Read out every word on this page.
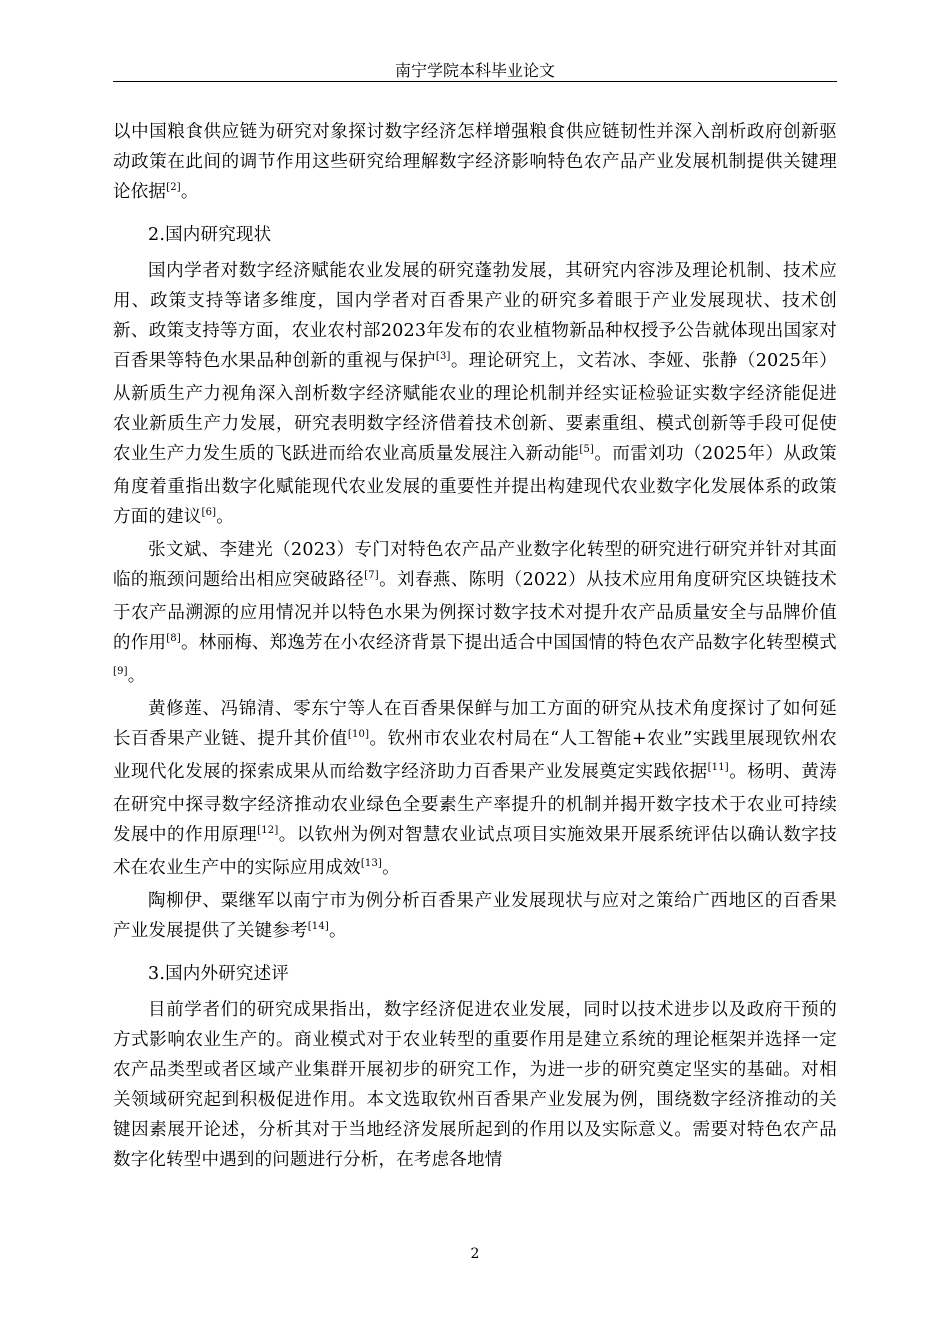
南宁学院本科毕业论文

以中国粮食供应链为研究对象探讨数字经济怎样增强粮食供应链韧性并深入剖析政府创新驱动政策在此间的调节作用这些研究给理解数字经济影响特色农产品产业发展机制提供关键理论依据[2]。

2.国内研究现状

国内学者对数字经济赋能农业发展的研究蓬勃发展，其研究内容涉及理论机制、技术应用、政策支持等诸多维度，国内学者对百香果产业的研究多着眼于产业发展现状、技术创新、政策支持等方面，农业农村部2023年发布的农业植物新品种权授予公告就体现出国家对百香果等特色水果品种创新的重视与保护[3]。理论研究上，文若冰、李娅、张静（2025年）从新质生产力视角深入剖析数字经济赋能农业的理论机制并经实证检验证实数字经济能促进农业新质生产力发展，研究表明数字经济借着技术创新、要素重组、模式创新等手段可促使农业生产力发生质的飞跃进而给农业高质量发展注入新动能[5]。而雷刘功（2025年）从政策角度着重指出数字化赋能现代农业发展的重要性并提出构建现代农业数字化发展体系的政策方面的建议[6]。

张文斌、李建光（2023）专门对特色农产品产业数字化转型的研究进行研究并针对其面临的瓶颈问题给出相应突破路径[7]。刘春燕、陈明（2022）从技术应用角度研究区块链技术于农产品溯源的应用情况并以特色水果为例探讨数字技术对提升农产品质量安全与品牌价值的作用[8]。林丽梅、郑逸芳在小农经济背景下提出适合中国国情的特色农产品数字化转型模式[9]。

黄修莲、冯锦清、零东宁等人在百香果保鲜与加工方面的研究从技术角度探讨了如何延长百香果产业链、提升其价值[10]。钦州市农业农村局在“人工智能+农业”实践里展现钦州农业现代化发展的探索成果从而给数字经济助力百香果产业发展奠定实践依据[11]。杨明、黄涛在研究中探寻数字经济推动农业绿色全要素生产率提升的机制并揭开数字技术于农业可持续发展中的作用原理[12]。以钦州为例对智慧农业试点项目实施效果开展系统评估以确认数字技术在农业生产中的实际应用成效[13]。

陶柳伊、粟继军以南宁市为例分析百香果产业发展现状与应对之策给广西地区的百香果产业发展提供了关键参考[14]。

3.国内外研究述评

目前学者们的研究成果指出，数字经济促进农业发展，同时以技术进步以及政府干预的方式影响农业生产的。商业模式对于农业转型的重要作用是建立系统的理论框架并选择一定农产品类型或者区域产业集群开展初步的研究工作，为进一步的研究奠定坚实的基础。对相关领域研究起到积极促进作用。本文选取钦州百香果产业发展为例，围绕数字经济推动的关键因素展开论述，分析其对于当地经济发展所起到的作用以及实际意义。需要对特色农产品数字化转型中遇到的问题进行分析，在考虑各地情

2
